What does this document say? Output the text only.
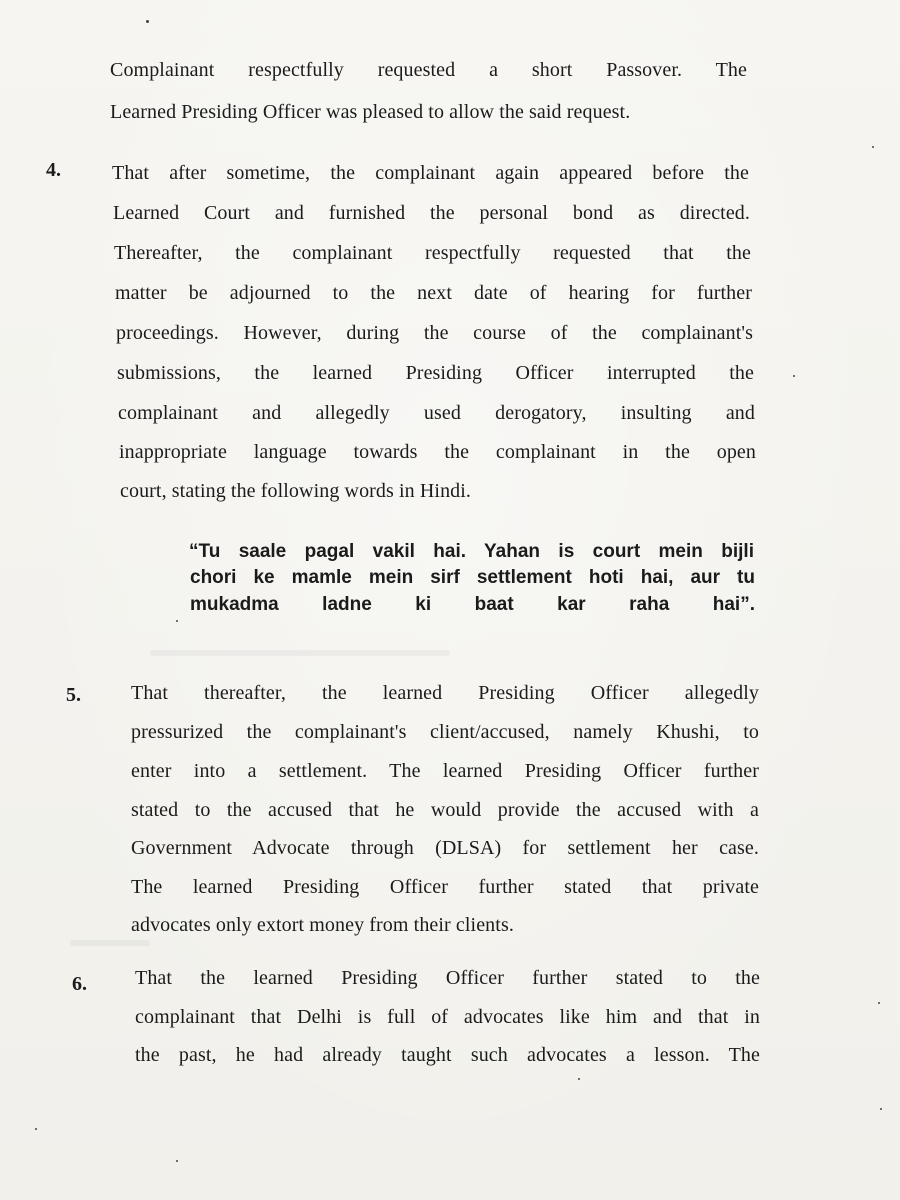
Complainant respectfully requested a short Passover. The
Learned Presiding Officer was pleased to allow the said request.
4.	That after sometime, the complainant again appeared before the
Learned Court and furnished the personal bond as directed.
Thereafter, the complainant respectfully requested that the
matter be adjourned to the next date of hearing for further
proceedings. However, during the course of the complainant's
submissions, the learned Presiding Officer interrupted the
complainant and allegedly used derogatory, insulting and
inappropriate language towards the complainant in the open
court, stating the following words in Hindi.
“Tu saale pagal vakil hai. Yahan is court mein bijli
chori ke mamle mein sirf settlement hoti hai, aur tu
mukadma ladne ki baat kar raha hai”.
5.	That thereafter, the learned Presiding Officer allegedly
pressurized the complainant's client/accused, namely Khushi, to
enter into a settlement. The learned Presiding Officer further
stated to the accused that he would provide the accused with a
Government Advocate through (DLSA) for settlement her case.
The learned Presiding Officer further stated that private
advocates only extort money from their clients.
6. That the learned Presiding Officer further stated to the
complainant that Delhi is full of advocates like him and that in
the past, he had already taught such advocates a lesson. The
